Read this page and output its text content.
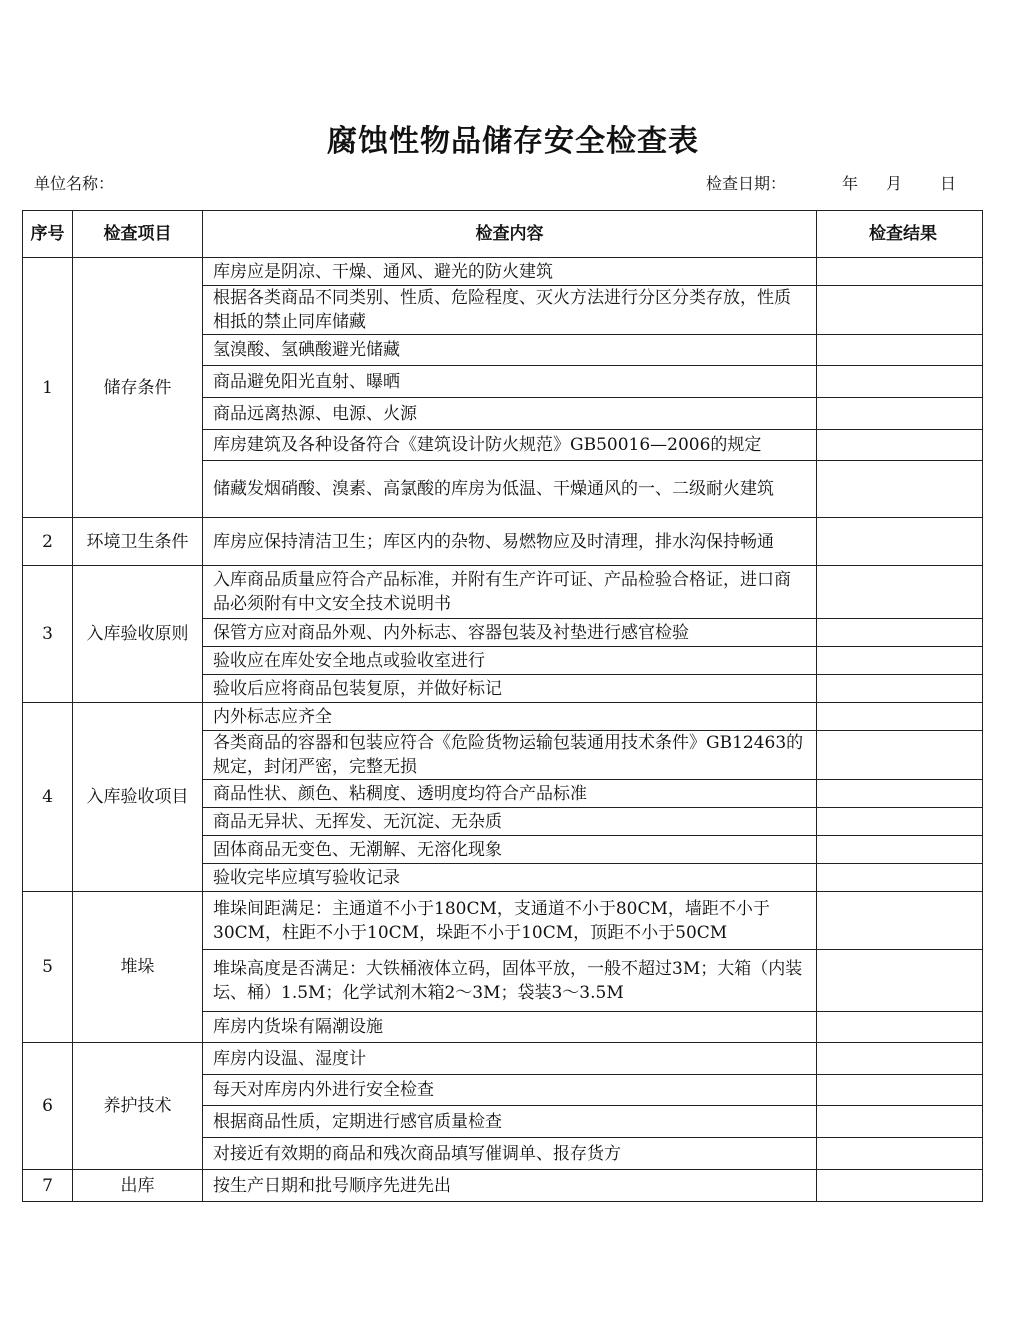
腐蚀性物品储存安全检查表
单位名称：	检查日期：	年 月 日
序号	检查项目	检查内容	检查结果
1	储存条件	库房应是阴凉、干燥、通风、避光的防火建筑	
		根据各类商品不同类别、性质、危险程度、灭火方法进行分区分类存放，性质相抵的禁止同库储藏	
		氢溴酸、氢碘酸避光储藏	
		商品避免阳光直射、曝晒	
		商品远离热源、电源、火源	
		库房建筑及各种设备符合《建筑设计防火规范》GB50016—2006的规定	
		储藏发烟硝酸、溴素、高氯酸的库房为低温、干燥通风的一、二级耐火建筑	
2	环境卫生条件	库房应保持清洁卫生；库区内的杂物、易燃物应及时清理，排水沟保持畅通	
3	入库验收原则	入库商品质量应符合产品标准，并附有生产许可证、产品检验合格证，进口商品必须附有中文安全技术说明书	
		保管方应对商品外观、内外标志、容器包装及衬垫进行感官检验	
		验收应在库处安全地点或验收室进行	
		验收后应将商品包装复原，并做好标记	
4	入库验收项目	内外标志应齐全	
		各类商品的容器和包装应符合《危险货物运输包装通用技术条件》GB12463的规定，封闭严密，完整无损	
		商品性状、颜色、粘稠度、透明度均符合产品标准	
		商品无异状、无挥发、无沉淀、无杂质	
		固体商品无变色、无潮解、无溶化现象	
		验收完毕应填写验收记录	
5	堆垛	堆垛间距满足：主通道不小于180CM，支通道不小于80CM，墙距不小于30CM，柱距不小于10CM，垛距不小于10CM，顶距不小于50CM	
		堆垛高度是否满足：大铁桶液体立码，固体平放，一般不超过3M；大箱（内装坛、桶）1.5M；化学试剂木箱2～3M；袋装3～3.5M	
		库房内货垛有隔潮设施	
6	养护技术	库房内设温、湿度计	
		每天对库房内外进行安全检查	
		根据商品性质，定期进行感官质量检查	
		对接近有效期的商品和残次商品填写催调单、报存货方	
7	出库	按生产日期和批号顺序先进先出	
